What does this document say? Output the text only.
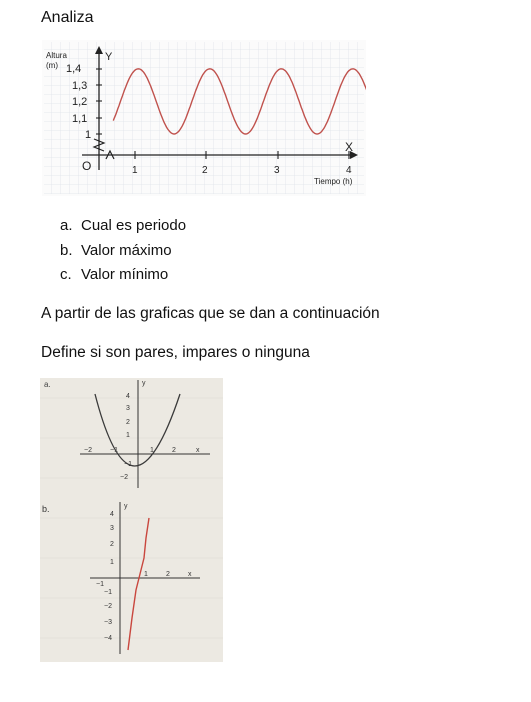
Analiza
Altura
(m)
Y
1,4
1,3
1,2
1,1
1
O	1	2	3	4
X
Tiempo (h)
a. Cual es periodo
b. Valor máximo
c. Valor mínimo
A partir de las graficas que se dan a continuación
Define si son pares, impares o ninguna
a.	y
4
3
2
1
−1
−2
−2	−1	1	2	x
b.	y
4
3
2
1
−1
−2
−3
−4
−1
1	2	x
